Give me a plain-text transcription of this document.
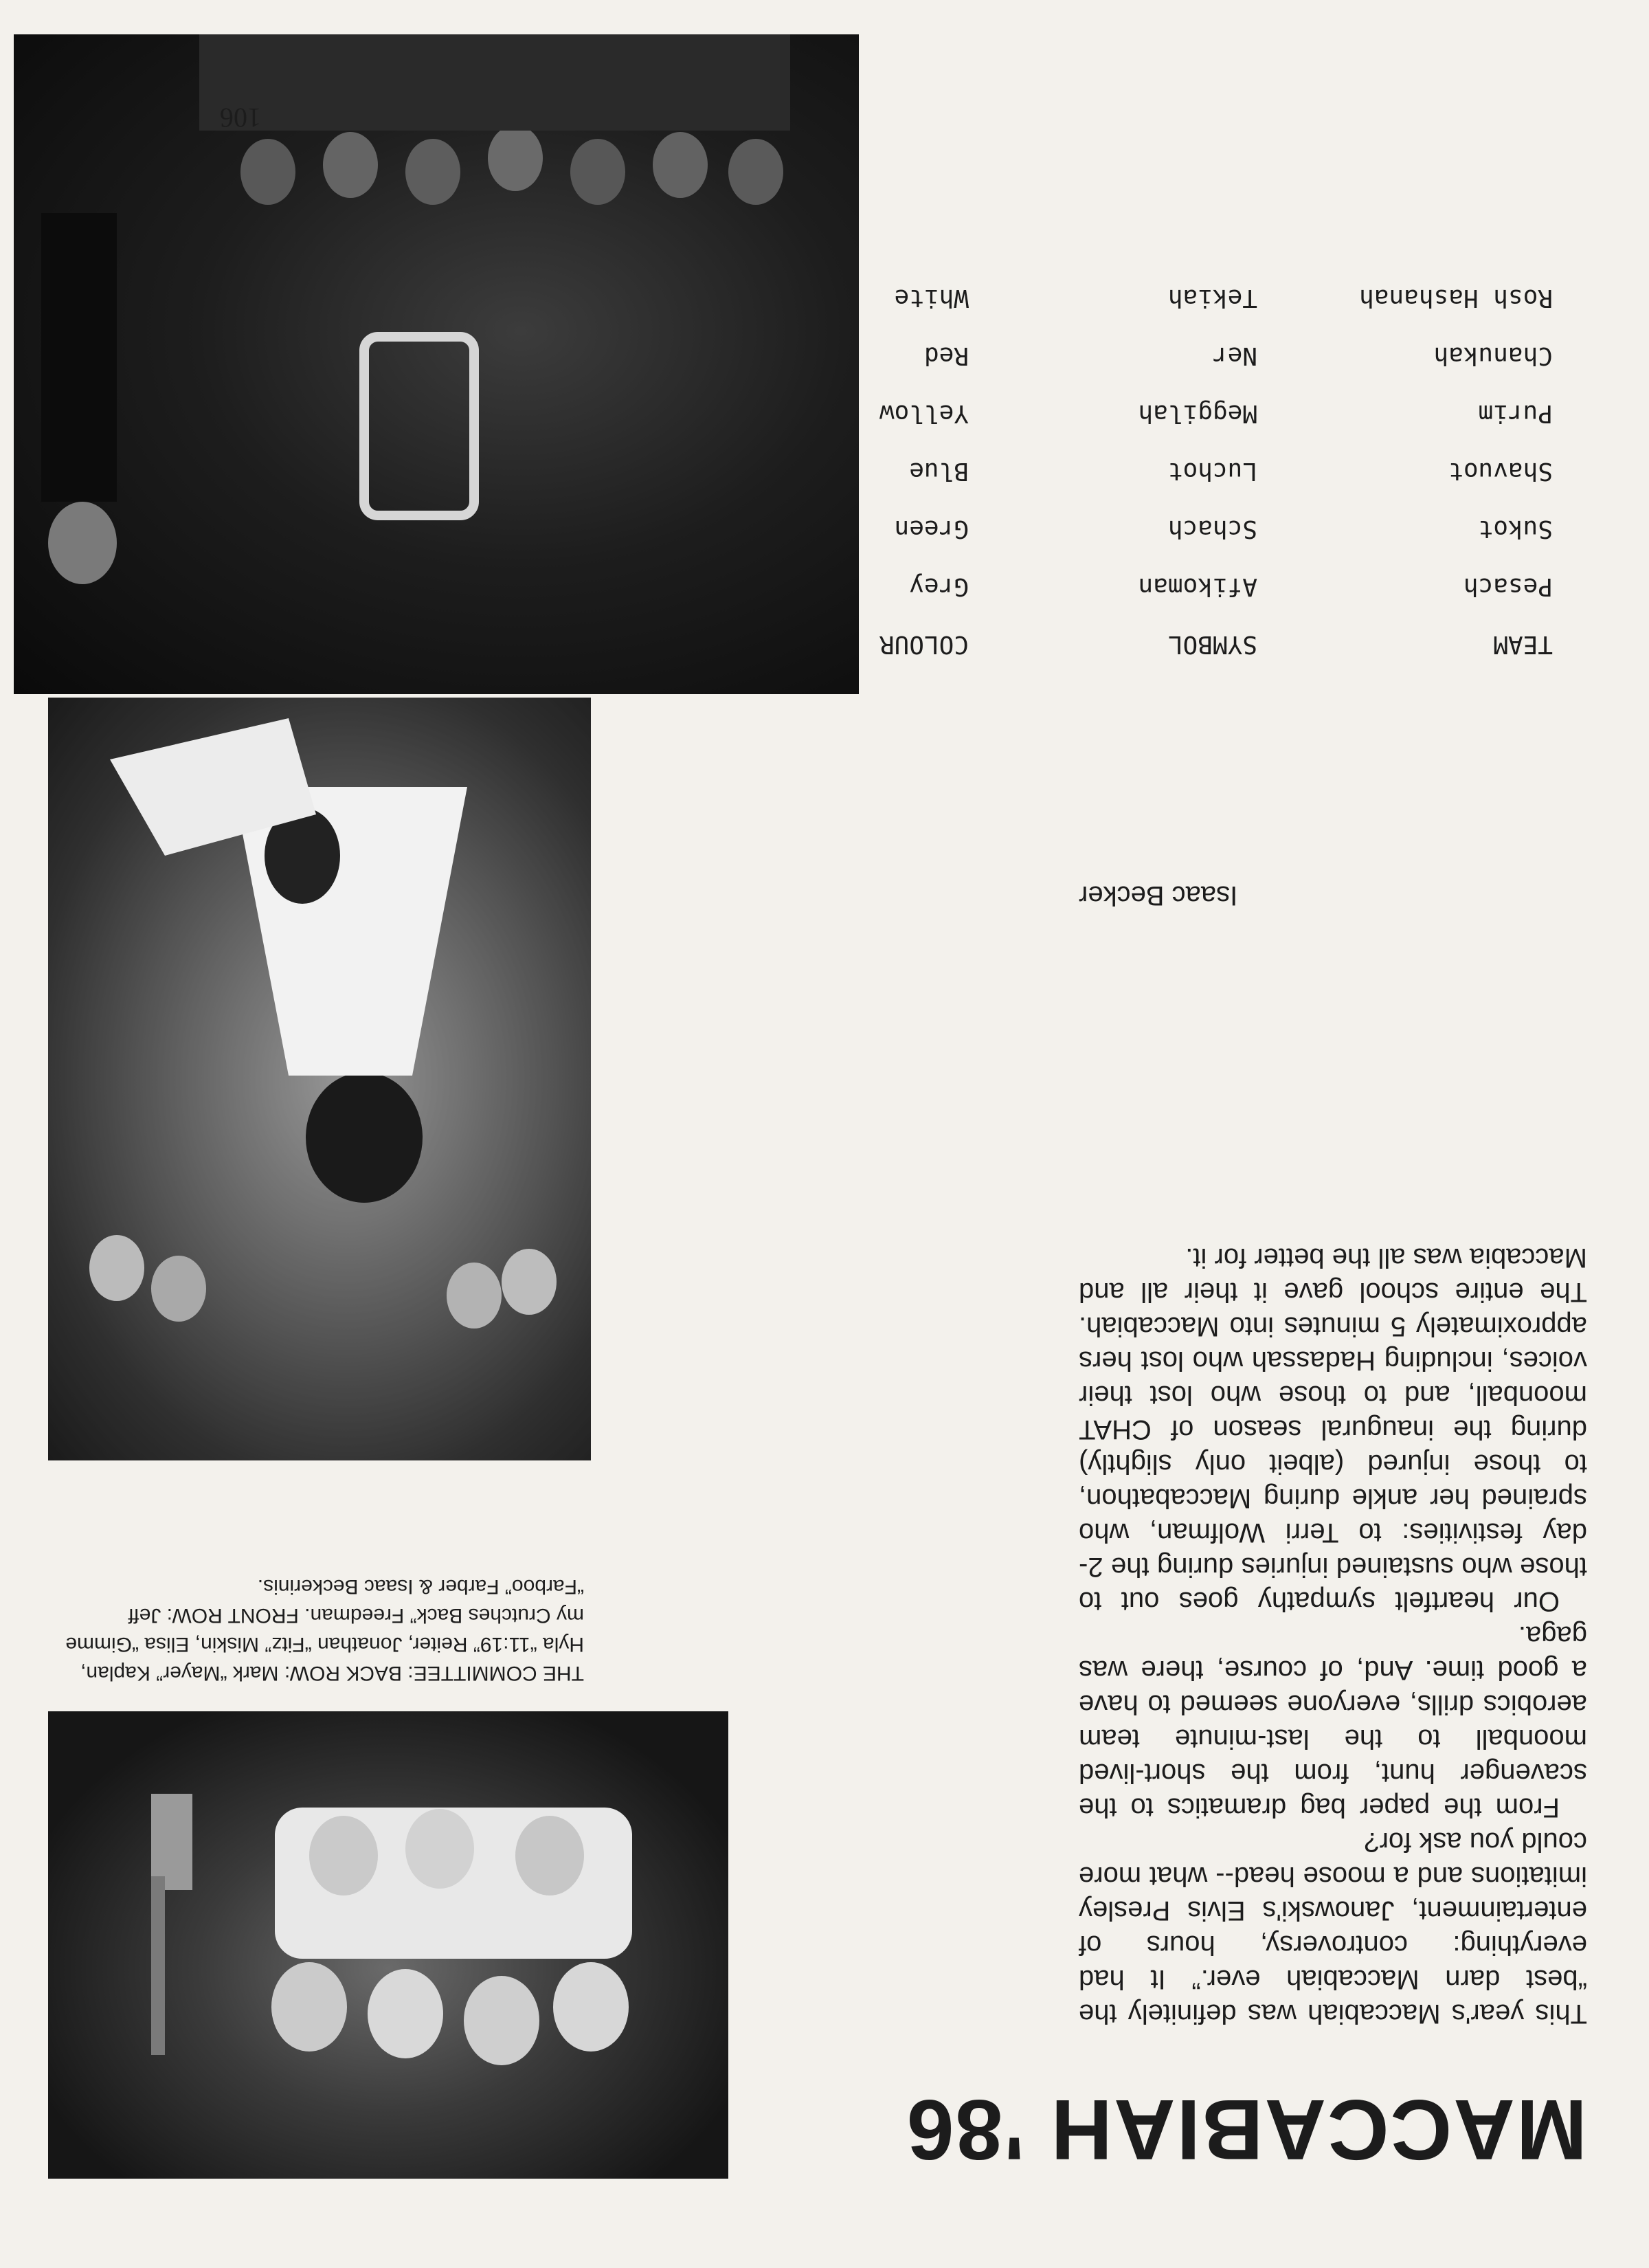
THE COMMITTEE: BACK ROW: Mark “Mayer” Kaplan, Hyla “11:19” Reiter, Jonathan “Fitz” Miskin, Elisa “Gimme my Crutches Back” Freedman. FRONT ROW: Jeff “Farboo” Farber & Isaac Beckerinis.
MACCABIAH '86

This year's Maccabiah was definitely the “best darn Maccabiah ever.” It had everything: controversy, hours of entertainment, Janowski's Elvis Presley imitations and a moose head-- what more could you ask for?

From the paper bag dramatics to the scavenger hunt, from the short-lived moonball to the last-minute team aerobics drills, everyone seemed to have a good time. And, of course, there was gaga.

Our heartfelt sympathy goes out to those who sustained injuries during the 2-day festivities: to Terri Wolfman, who sprained her ankle during Maccabathon, to those injured (albeit only slightly) during the inaugural season of CHAT moonball, and to those who lost their voices, including Hadassah who lost hers approximately 5 minutes into Maccabiah. The entire school gave it their all and Maccabia was all the better for it.

Isaac Becker
TEAM	SYMBOL	COLOUR
Pesach	Afikoman	Grey
Sukot	Schach	Green
Shavuot	Luchot	Blue
Purim	Meggilah	Yellow
Chanukah	Ner	Red
Rosh Hashanah	Tekiah	White
106
